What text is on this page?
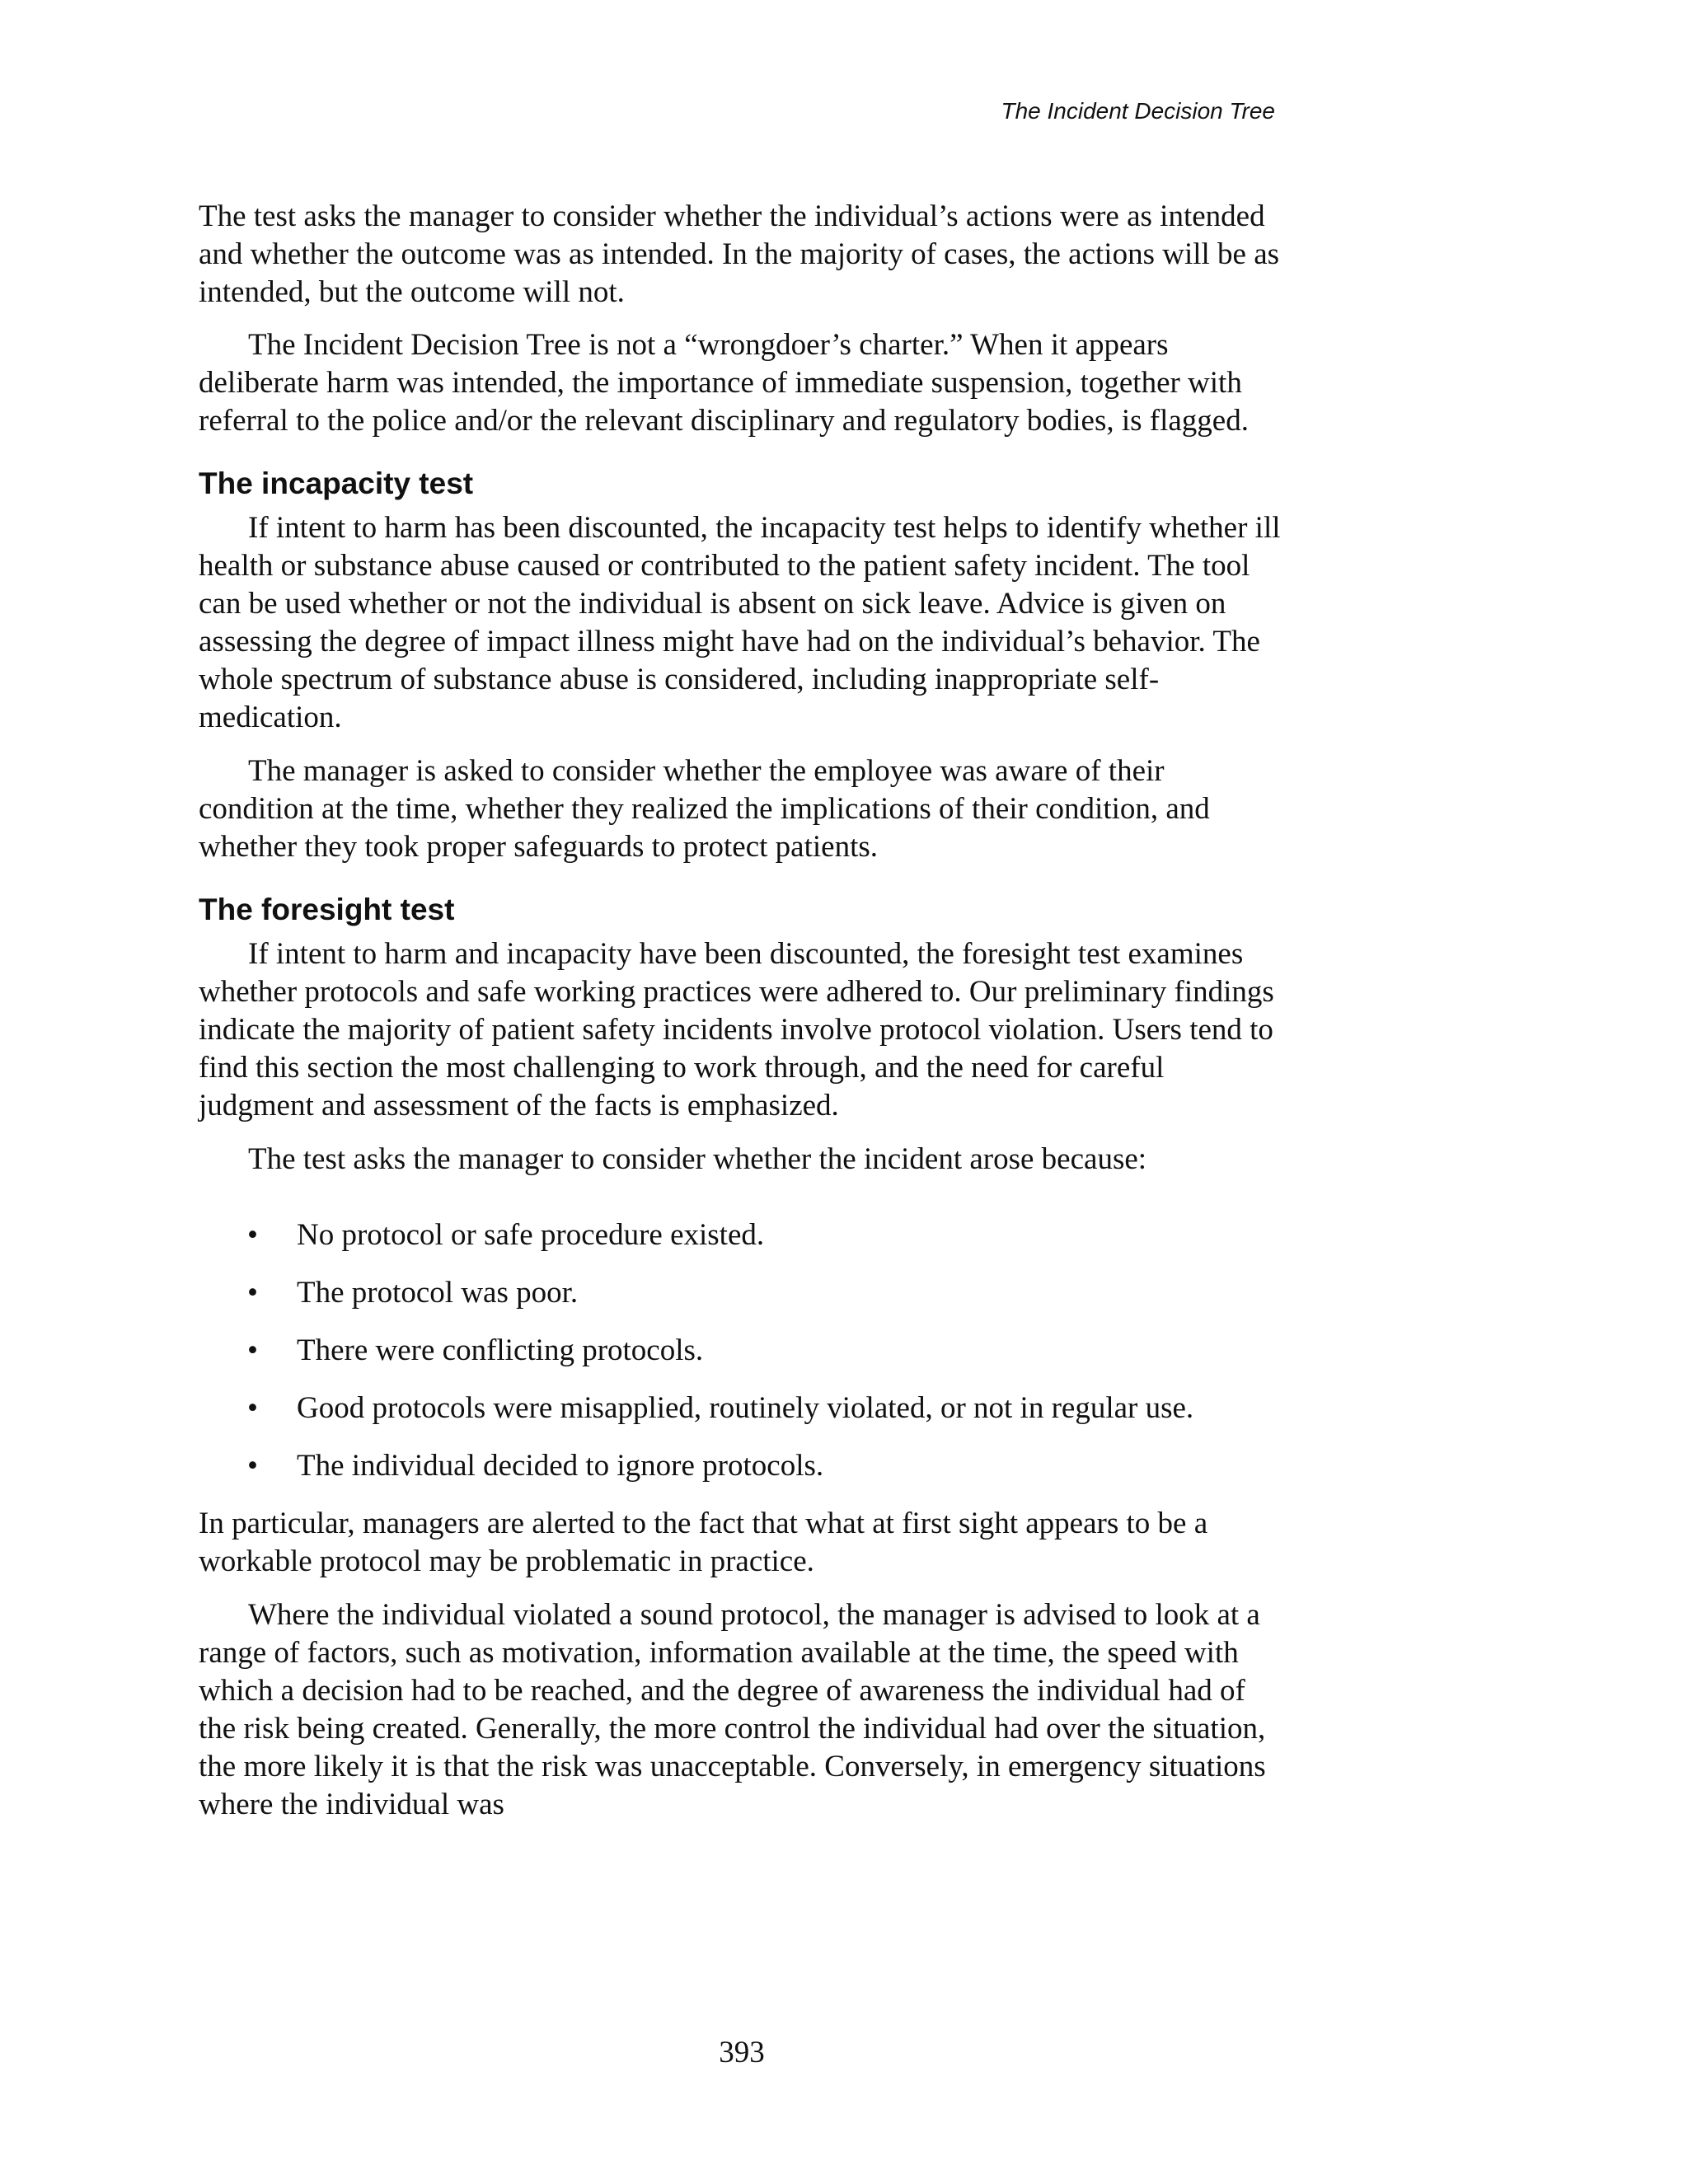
The Incident Decision Tree

The test asks the manager to consider whether the individual’s actions were as intended and whether the outcome was as intended. In the majority of cases, the actions will be as intended, but the outcome will not.

The Incident Decision Tree is not a “wrongdoer’s charter.” When it appears deliberate harm was intended, the importance of immediate suspension, together with referral to the police and/or the relevant disciplinary and regulatory bodies, is flagged.

The incapacity test

If intent to harm has been discounted, the incapacity test helps to identify whether ill health or substance abuse caused or contributed to the patient safety incident. The tool can be used whether or not the individual is absent on sick leave. Advice is given on assessing the degree of impact illness might have had on the individual’s behavior. The whole spectrum of substance abuse is considered, including inappropriate self-medication.

The manager is asked to consider whether the employee was aware of their condition at the time, whether they realized the implications of their condition, and whether they took proper safeguards to protect patients.

The foresight test

If intent to harm and incapacity have been discounted, the foresight test examines whether protocols and safe working practices were adhered to. Our preliminary findings indicate the majority of patient safety incidents involve protocol violation. Users tend to find this section the most challenging to work through, and the need for careful judgment and assessment of the facts is emphasized.

The test asks the manager to consider whether the incident arose because:

• No protocol or safe procedure existed.
• The protocol was poor.
• There were conflicting protocols.
• Good protocols were misapplied, routinely violated, or not in regular use.
• The individual decided to ignore protocols.

In particular, managers are alerted to the fact that what at first sight appears to be a workable protocol may be problematic in practice.

Where the individual violated a sound protocol, the manager is advised to look at a range of factors, such as motivation, information available at the time, the speed with which a decision had to be reached, and the degree of awareness the individual had of the risk being created. Generally, the more control the individual had over the situation, the more likely it is that the risk was unacceptable. Conversely, in emergency situations where the individual was

393
